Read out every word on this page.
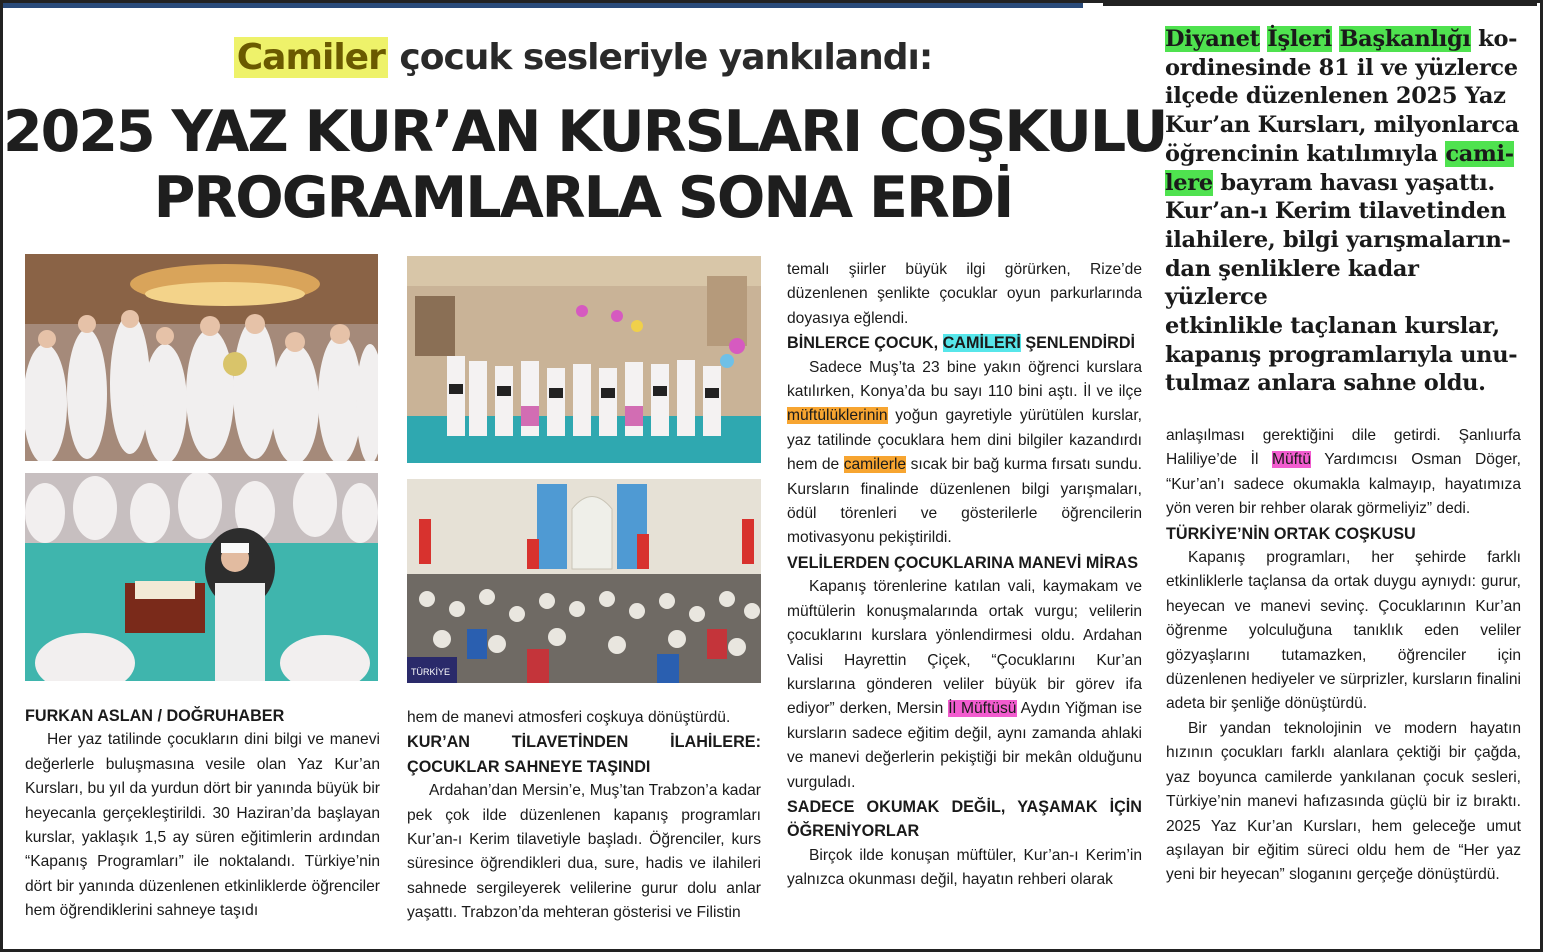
Camiler çocuk sesleriyle yankılandı:
2025 YAZ KUR’AN KURSLARI COŞKULU
PROGRAMLARLA SONA ERDİ
Diyanet İşleri Başkanlığı ko-
ordinesinde 81 il ve yüzlerce
ilçede düzenlenen 2025 Yaz
Kur’an Kursları, milyonlarca
öğrencinin katılımıyla cami-
lere bayram havası yaşattı.
Kur’an-ı Kerim tilavetinden
ilahilere, bilgi yarışmaların-
dan şenliklere kadar yüzlerce
etkinlikle taçlanan kurslar,
kapanış programlarıyla unu-
tulmaz anlara sahne oldu.
TÜRKİYE
FURKAN ASLAN / DOĞRUHABER

Her yaz tatilinde çocukların dini bilgi ve manevi değerlerle buluşmasına vesile olan Yaz Kur’an Kursları, bu yıl da yurdun dört bir yanında büyük bir heyecanla gerçekleştirildi. 30 Haziran’da başlayan kurslar, yaklaşık 1,5 ay süren eğitimlerin ardından “Kapanış Programları” ile noktalandı. Türkiye’nin dört bir yanında düzenlenen etkinliklerde öğrenciler hem öğrendiklerini sahneye taşıdı

hem de manevi atmosferi coşkuya dönüştürdü.

KUR’AN TİLAVETİNDEN İLAHİLERE: ÇOCUKLAR SAHNEYE TAŞINDI

Ardahan’dan Mersin’e, Muş’tan Trabzon’a kadar pek çok ilde düzenlenen kapanış programları Kur’an-ı Kerim tilavetiyle başladı. Öğrenciler, kurs süresince öğrendikleri dua, sure, hadis ve ilahileri sahnede sergileyerek velilerine gurur dolu anlar yaşattı. Trabzon’da mehteran gösterisi ve Filistin

temalı şiirler büyük ilgi görürken, Rize’de düzenlenen şenlikte çocuklar oyun parkurlarında doyasıya eğlendi.

BİNLERCE ÇOCUK, CAMİLERİ ŞENLENDİRDİ

Sadece Muş’ta 23 bine yakın öğrenci kurslara katılırken, Konya’da bu sayı 110 bini aştı. İl ve ilçe müftülüklerinin yoğun gayretiyle yürütülen kurslar, yaz tatilinde çocuklara hem dini bilgiler kazandırdı hem de camilerle sıcak bir bağ kurma fırsatı sundu. Kursların finalinde düzenlenen bilgi yarışmaları, ödül törenleri ve gösterilerle öğrencilerin motivasyonu pekiştirildi.

VELİLERDEN ÇOCUKLARINA MANEVİ MİRAS

Kapanış törenlerine katılan vali, kaymakam ve müftülerin konuşmalarında ortak vurgu; velilerin çocuklarını kurslara yönlendirmesi oldu. Ardahan Valisi Hayrettin Çiçek, “Çocuklarını Kur’an kurslarına gönderen veliler büyük bir görev ifa ediyor” derken, Mersin İl Müftüsü Aydın Yiğman ise kursların sadece eğitim değil, aynı zamanda ahlaki ve manevi değerlerin pekiştiği bir mekân olduğunu vurguladı.

SADECE OKUMAK DEĞİL, YAŞAMAK İÇİN ÖĞRENİYORLAR

Birçok ilde konuşan müftüler, Kur’an-ı Kerim’in yalnızca okunması değil, hayatın rehberi olarak

anlaşılması gerektiğini dile getirdi. Şanlıurfa Haliliye’de İl Müftü Yardımcısı Osman Döger, “Kur’an’ı sadece okumakla kalmayıp, hayatımıza yön veren bir rehber olarak görmeliyiz” dedi.

TÜRKİYE’NİN ORTAK COŞKUSU

Kapanış programları, her şehirde farklı etkinliklerle taçlansa da ortak duygu aynıydı: gurur, heyecan ve manevi sevinç. Çocuklarının Kur’an öğrenme yolculuğuna tanıklık eden veliler gözyaşlarını tutamazken, öğrenciler için düzenlenen hediyeler ve sürprizler, kursların finalini adeta bir şenliğe dönüştürdü.

Bir yandan teknolojinin ve modern hayatın hızının çocukları farklı alanlara çektiği bir çağda, yaz boyunca camilerde yankılanan çocuk sesleri, Türkiye’nin manevi hafızasında güçlü bir iz bıraktı. 2025 Yaz Kur’an Kursları, hem geleceğe umut aşılayan bir eğitim süreci oldu hem de “Her yaz yeni bir heyecan” sloganını gerçeğe dönüştürdü.
